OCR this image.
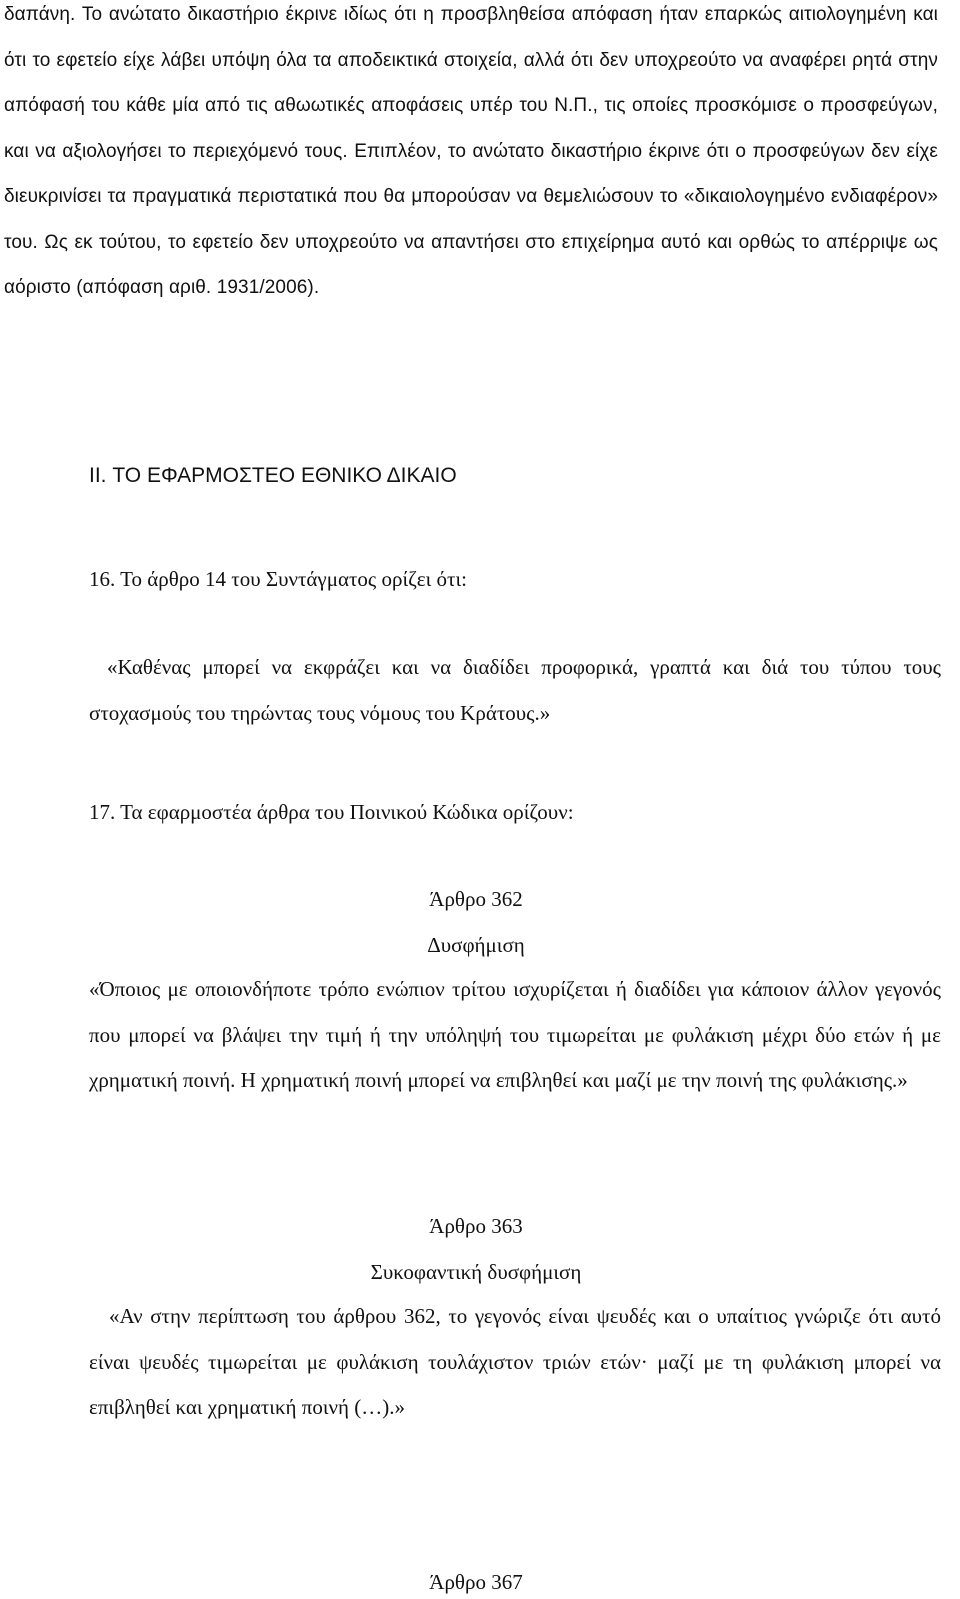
δαπάνη. Το ανώτατο δικαστήριο έκρινε ιδίως ότι η προσβληθείσα απόφαση ήταν επαρκώς αιτιολογημένη και ότι το εφετείο είχε λάβει υπόψη όλα τα αποδεικτικά στοιχεία, αλλά ότι δεν υποχρεούτο να αναφέρει ρητά στην απόφασή του κάθε μία από τις αθωωτικές αποφάσεις υπέρ του Ν.Π., τις οποίες προσκόμισε ο προσφεύγων, και να αξιολογήσει το περιεχόμενό τους. Επιπλέον, το ανώτατο δικαστήριο έκρινε ότι ο προσφεύγων δεν είχε διευκρινίσει τα πραγματικά περιστατικά που θα μπορούσαν να θεμελιώσουν το «δικαιολογημένο ενδιαφέρον» του. Ως εκ τούτου, το εφετείο δεν υποχρεούτο να απαντήσει στο επιχείρημα αυτό και ορθώς το απέρριψε ως αόριστο (απόφαση αριθ. 1931/2006).

II. ΤΟ ΕΦΑΡΜΟΣΤΕΟ ΕΘΝΙΚΟ ΔΙΚΑΙΟ

16. Το άρθρο 14 του Συντάγματος ορίζει ότι:

«Καθένας μπορεί να εκφράζει και να διαδίδει προφορικά, γραπτά και διά του τύπου τους στοχασμούς του τηρώντας τους νόμους του Κράτους.»

17. Τα εφαρμοστέα άρθρα του Ποινικού Κώδικα ορίζουν:

Άρθρο 362

Δυσφήμιση

«Όποιος με οποιονδήποτε τρόπο ενώπιον τρίτου ισχυρίζεται ή διαδίδει για κάποιον άλλον γεγονός που μπορεί να βλάψει την τιμή ή την υπόληψή του τιμωρείται με φυλάκιση μέχρι δύο ετών ή με χρηματική ποινή. Η χρηματική ποινή μπορεί να επιβληθεί και μαζί με την ποινή της φυλάκισης.»

Άρθρο 363

Συκοφαντική δυσφήμιση

«Αν στην περίπτωση του άρθρου 362, το γεγονός είναι ψευδές και ο υπαίτιος γνώριζε ότι αυτό είναι ψευδές τιμωρείται με φυλάκιση τουλάχιστον τριών ετών· μαζί με τη φυλάκιση μπορεί να επιβληθεί και χρηματική ποινή (…).»

Άρθρο 367
